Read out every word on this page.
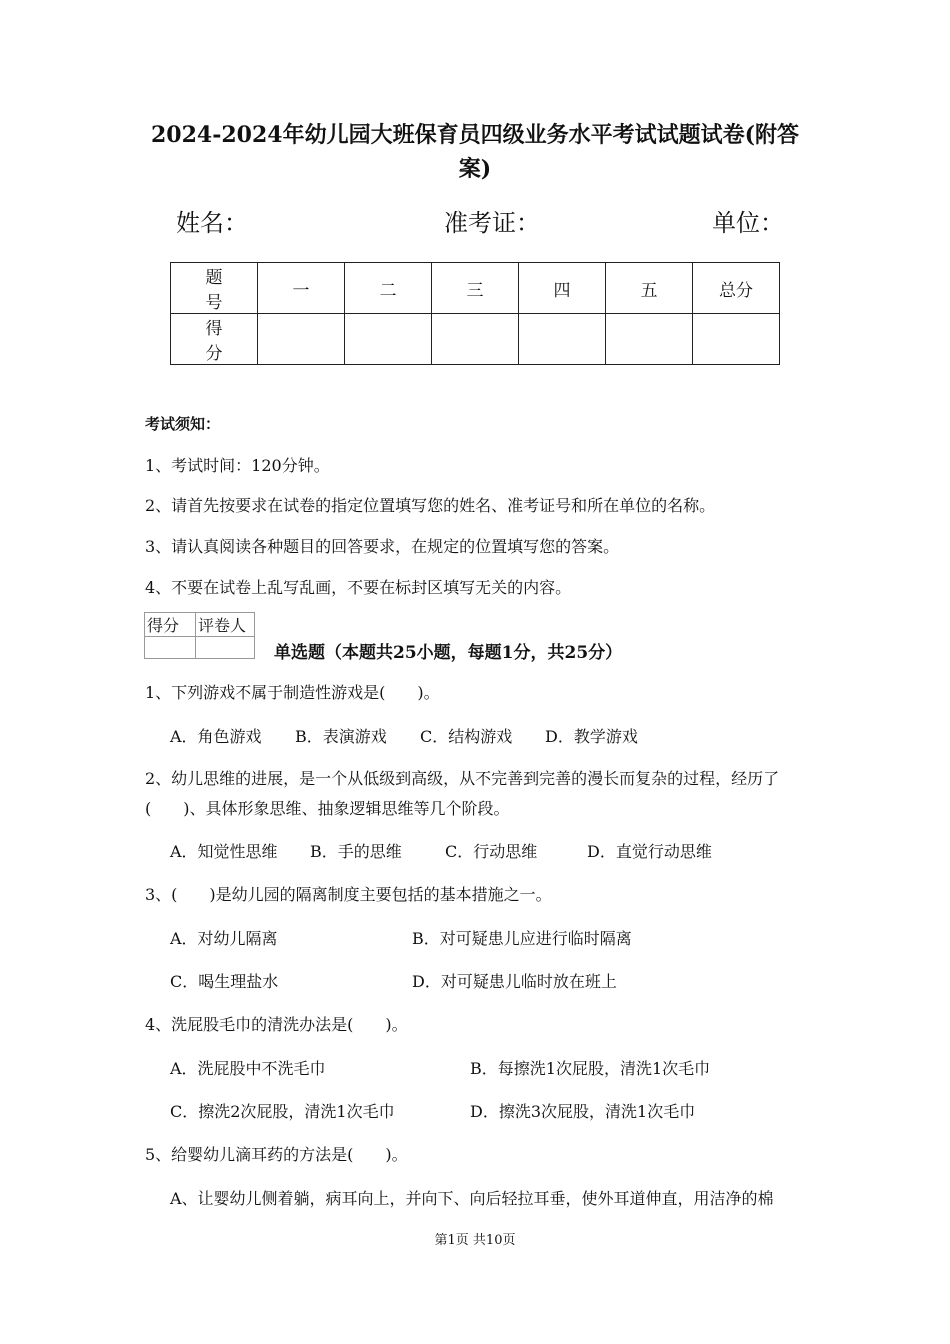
2024-2024年幼儿园大班保育员四级业务水平考试试题试卷(附答
案)
姓名：	准考证：	单位：
题号	一	二	三	四	五	总分
得分						
考试须知：
1、考试时间：120分钟。
2、请首先按要求在试卷的指定位置填写您的姓名、准考证号和所在单位的名称。
3、请认真阅读各种题目的回答要求，在规定的位置填写您的答案。
4、不要在试卷上乱写乱画，不要在标封区填写无关的内容。
得分	评卷人

单选题（本题共25小题，每题1分，共25分）
1、下列游戏不属于制造性游戏是(　　)。
A．角色游戏 B．表演游戏 C．结构游戏 D．教学游戏
2、幼儿思维的进展，是一个从低级到高级，从不完善到完善的漫长而复杂的过程，经历了
(　　)、具体形象思维、抽象逻辑思维等几个阶段。
A．知觉性思维 B．手的思维	C．行动思维	D．直觉行动思维
3、(　　)是幼儿园的隔离制度主要包括的基本措施之一。
A．对幼儿隔离	B．对可疑患儿应进行临时隔离
C．喝生理盐水	D．对可疑患儿临时放在班上
4、洗屁股毛巾的清洗办法是(　　)。
A．洗屁股中不洗毛巾	B．每擦洗1次屁股，清洗1次毛巾
C．擦洗2次屁股，清洗1次毛巾	D．擦洗3次屁股，清洗1次毛巾
5、给婴幼儿滴耳药的方法是(　　)。
A、让婴幼儿侧着躺，病耳向上，并向下、向后轻拉耳垂，使外耳道伸直，用洁净的棉
第1页 共10页
